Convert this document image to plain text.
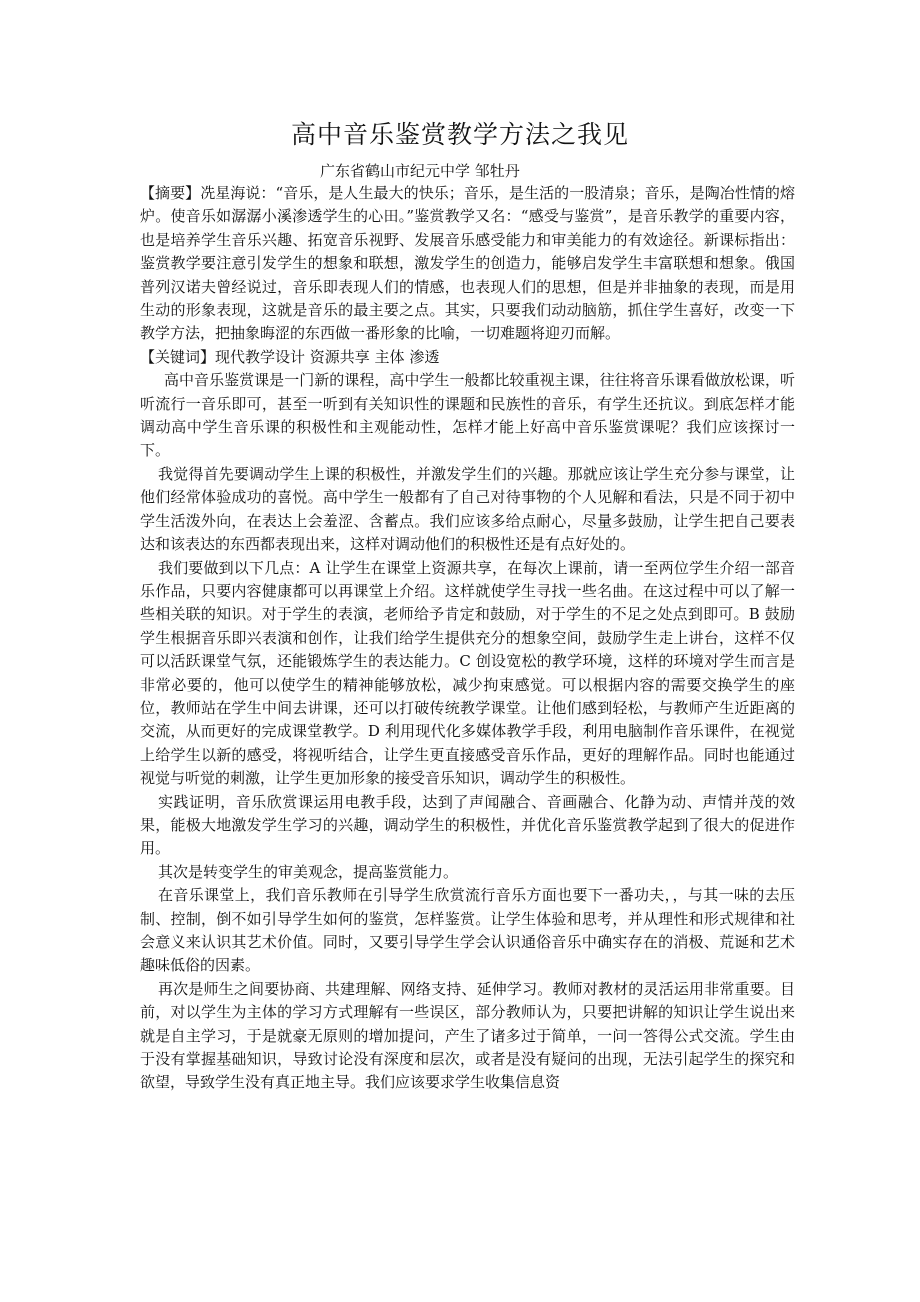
高中音乐鉴赏教学方法之我见
广东省鹤山市纪元中学 邹牡丹

【摘要】冼星海说：“音乐，是人生最大的快乐；音乐，是生活的一股清泉；音乐，是陶冶性情的熔炉。使音乐如潺潺小溪渗透学生的心田。”鉴赏教学又名：“感受与鉴赏”，是音乐教学的重要内容，也是培养学生音乐兴趣、拓宽音乐视野、发展音乐感受能力和审美能力的有效途径。新课标指出：鉴赏教学要注意引发学生的想象和联想，激发学生的创造力，能够启发学生丰富联想和想象。俄国普列汉诺夫曾经说过，音乐即表现人们的情感，也表现人们的思想，但是并非抽象的表现，而是用生动的形象表现，这就是音乐的最主要之点。其实，只要我们动动脑筋，抓住学生喜好，改变一下教学方法，把抽象晦涩的东西做一番形象的比喻，一切难题将迎刃而解。

【关键词】现代教学设计 资源共享 主体 渗透

高中音乐鉴赏课是一门新的课程，高中学生一般都比较重视主课，往往将音乐课看做放松课，听听流行一音乐即可，甚至一听到有关知识性的课题和民族性的音乐，有学生还抗议。到底怎样才能调动高中学生音乐课的积极性和主观能动性，怎样才能上好高中音乐鉴赏课呢？我们应该探讨一下。

我觉得首先要调动学生上课的积极性，并激发学生们的兴趣。那就应该让学生充分参与课堂，让他们经常体验成功的喜悦。高中学生一般都有了自己对待事物的个人见解和看法，只是不同于初中学生活泼外向，在表达上会羞涩、含蓄点。我们应该多给点耐心，尽量多鼓励，让学生把自己要表达和该表达的东西都表现出来，这样对调动他们的积极性还是有点好处的。

我们要做到以下几点：A 让学生在课堂上资源共享，在每次上课前，请一至两位学生介绍一部音乐作品，只要内容健康都可以再课堂上介绍。这样就使学生寻找一些名曲。在这过程中可以了解一些相关联的知识。对于学生的表演，老师给予肯定和鼓励，对于学生的不足之处点到即可。B 鼓励学生根据音乐即兴表演和创作，让我们给学生提供充分的想象空间，鼓励学生走上讲台，这样不仅可以活跃课堂气氛，还能锻炼学生的表达能力。C 创设宽松的教学环境，这样的环境对学生而言是非常必要的，他可以使学生的精神能够放松，减少拘束感觉。可以根据内容的需要交换学生的座位，教师站在学生中间去讲课，还可以打破传统教学课堂。让他们感到轻松，与教师产生近距离的交流，从而更好的完成课堂教学。D 利用现代化多媒体教学手段，利用电脑制作音乐课件，在视觉上给学生以新的感受，将视听结合，让学生更直接感受音乐作品，更好的理解作品。同时也能通过视觉与听觉的刺激，让学生更加形象的接受音乐知识，调动学生的积极性。

实践证明，音乐欣赏课运用电教手段，达到了声闻融合、音画融合、化静为动、声情并茂的效果，能极大地激发学生学习的兴趣，调动学生的积极性，并优化音乐鉴赏教学起到了很大的促进作用。

其次是转变学生的审美观念，提高鉴赏能力。

在音乐课堂上，我们音乐教师在引导学生欣赏流行音乐方面也要下一番功夫，，与其一味的去压制、控制，倒不如引导学生如何的鉴赏，怎样鉴赏。让学生体验和思考，并从理性和形式规律和社会意义来认识其艺术价值。同时，又要引导学生学会认识通俗音乐中确实存在的消极、荒诞和艺术趣味低俗的因素。

再次是师生之间要协商、共建理解、网络支持、延伸学习。教师对教材的灵活运用非常重要。目前，对以学生为主体的学习方式理解有一些误区，部分教师认为，只要把讲解的知识让学生说出来就是自主学习，于是就豪无原则的增加提问，产生了诸多过于简单，一问一答得公式交流。学生由于没有掌握基础知识，导致讨论没有深度和层次，或者是没有疑问的出现，无法引起学生的探究和欲望，导致学生没有真正地主导。我们应该要求学生收集信息资
